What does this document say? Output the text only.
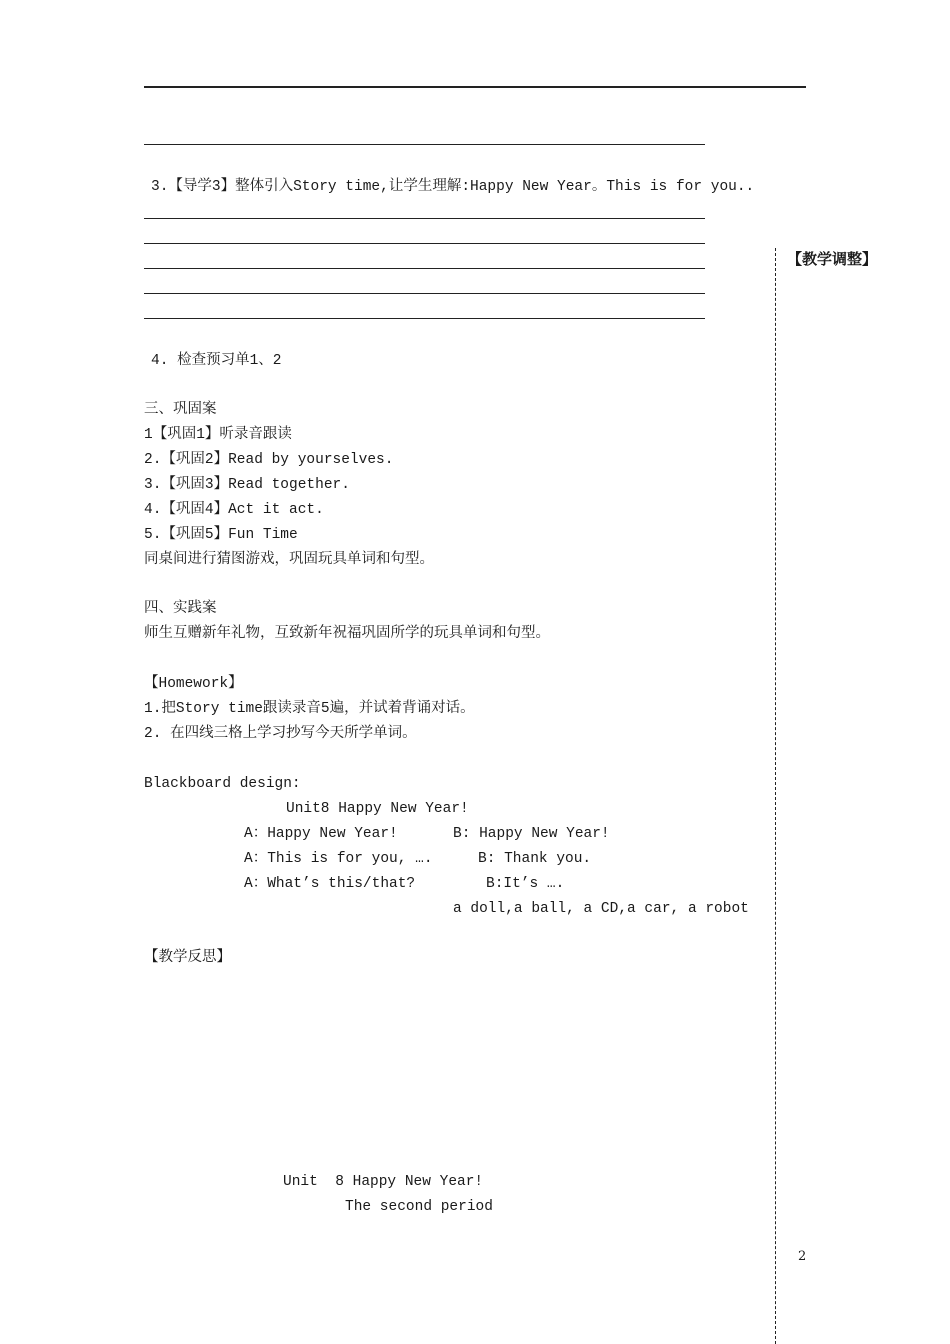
3.【导学3】整体引入Story time,让学生理解:Happy New Year。This is for you..
【教学调整】
4. 检查预习单1、2
三、巩固案
1【巩固1】听录音跟读
2.【巩固2】Read by yourselves.
3.【巩固3】Read together.
4.【巩固4】Act it act.
5.【巩固5】Fun Time
同桌间进行猜图游戏，巩固玩具单词和句型。
四、实践案
师生互赠新年礼物，互致新年祝福巩固所学的玩具单词和句型。
【Homework】
1.把Story time跟读录音5遍，并试着背诵对话。
2. 在四线三格上学习抄写今天所学单词。
Blackboard design:
Unit8 Happy New Year!
A：Happy New Year!	B: Happy New Year!
A：This is for you, ….	B: Thank you.
A：What’s this/that?	B:It’s ….
a doll,a ball, a CD,a car, a robot
【教学反思】
Unit  8 Happy New Year!
The second period
2
